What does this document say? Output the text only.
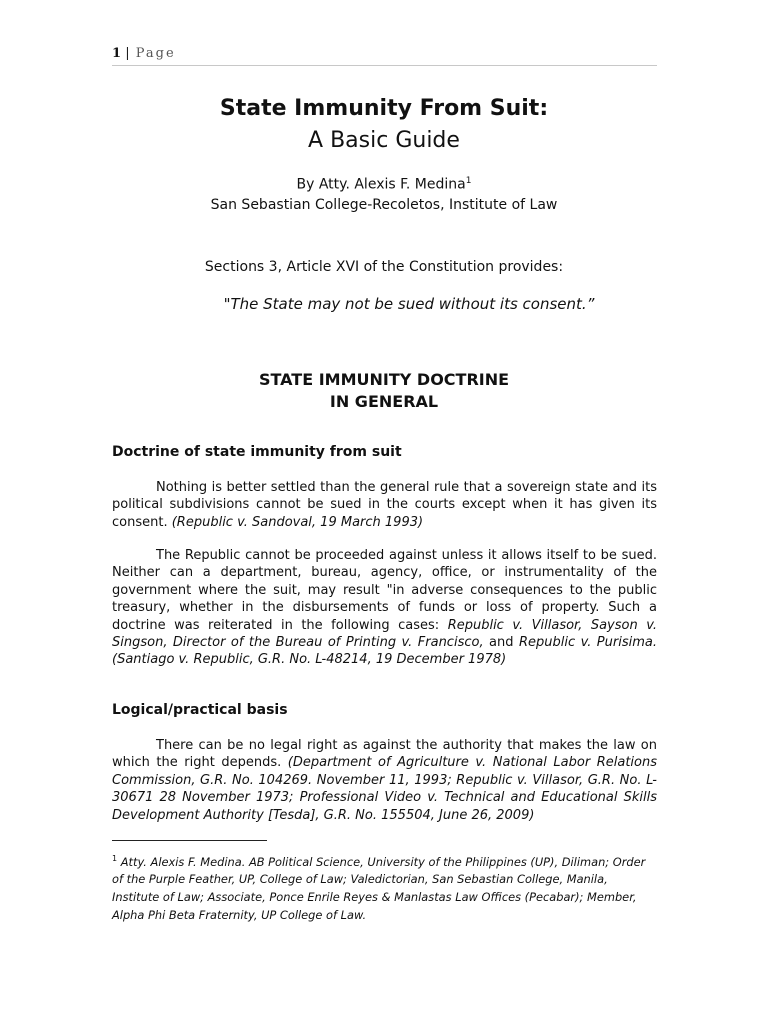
1 | Page
State Immunity From Suit:
A Basic Guide
By Atty. Alexis F. Medina$^1$
San Sebastian College-Recoletos, Institute of Law
Sections 3, Article XVI of the Constitution provides:
"The State may not be sued without its consent.”
STATE IMMUNITY DOCTRINE
IN GENERAL
Doctrine of state immunity from suit

Nothing is better settled than the general rule that a sovereign state and its political subdivisions cannot be sued in the courts except when it has given its consent. (Republic v. Sandoval, 19 March 1993)

The Republic cannot be proceeded against unless it allows itself to be sued. Neither can a department, bureau, agency, office, or instrumentality of the government where the suit, may result "in adverse consequences to the public treasury, whether in the disbursements of funds or loss of property. Such a doctrine was reiterated in the following cases: Republic v. Villasor, Sayson v. Singson, Director of the Bureau of Printing v. Francisco, and Republic v. Purisima. (Santiago v. Republic, G.R. No. L-48214, 19 December 1978)

Logical/practical basis

There can be no legal right as against the authority that makes the law on which the right depends. (Department of Agriculture v. National Labor Relations Commission, G.R. No. 104269. November 11, 1993; Republic v. Villasor, G.R. No. L-30671 28 November 1973; Professional Video v. Technical and Educational Skills Development Authority [Tesda], G.R. No. 155504, June 26, 2009)

$^1$ Atty. Alexis F. Medina. AB Political Science, University of the Philippines (UP), Diliman; Order of the Purple Feather, UP, College of Law; Valedictorian, San Sebastian College, Manila, Institute of Law; Associate, Ponce Enrile Reyes & Manlastas Law Offices (Pecabar); Member, Alpha Phi Beta Fraternity, UP College of Law.
